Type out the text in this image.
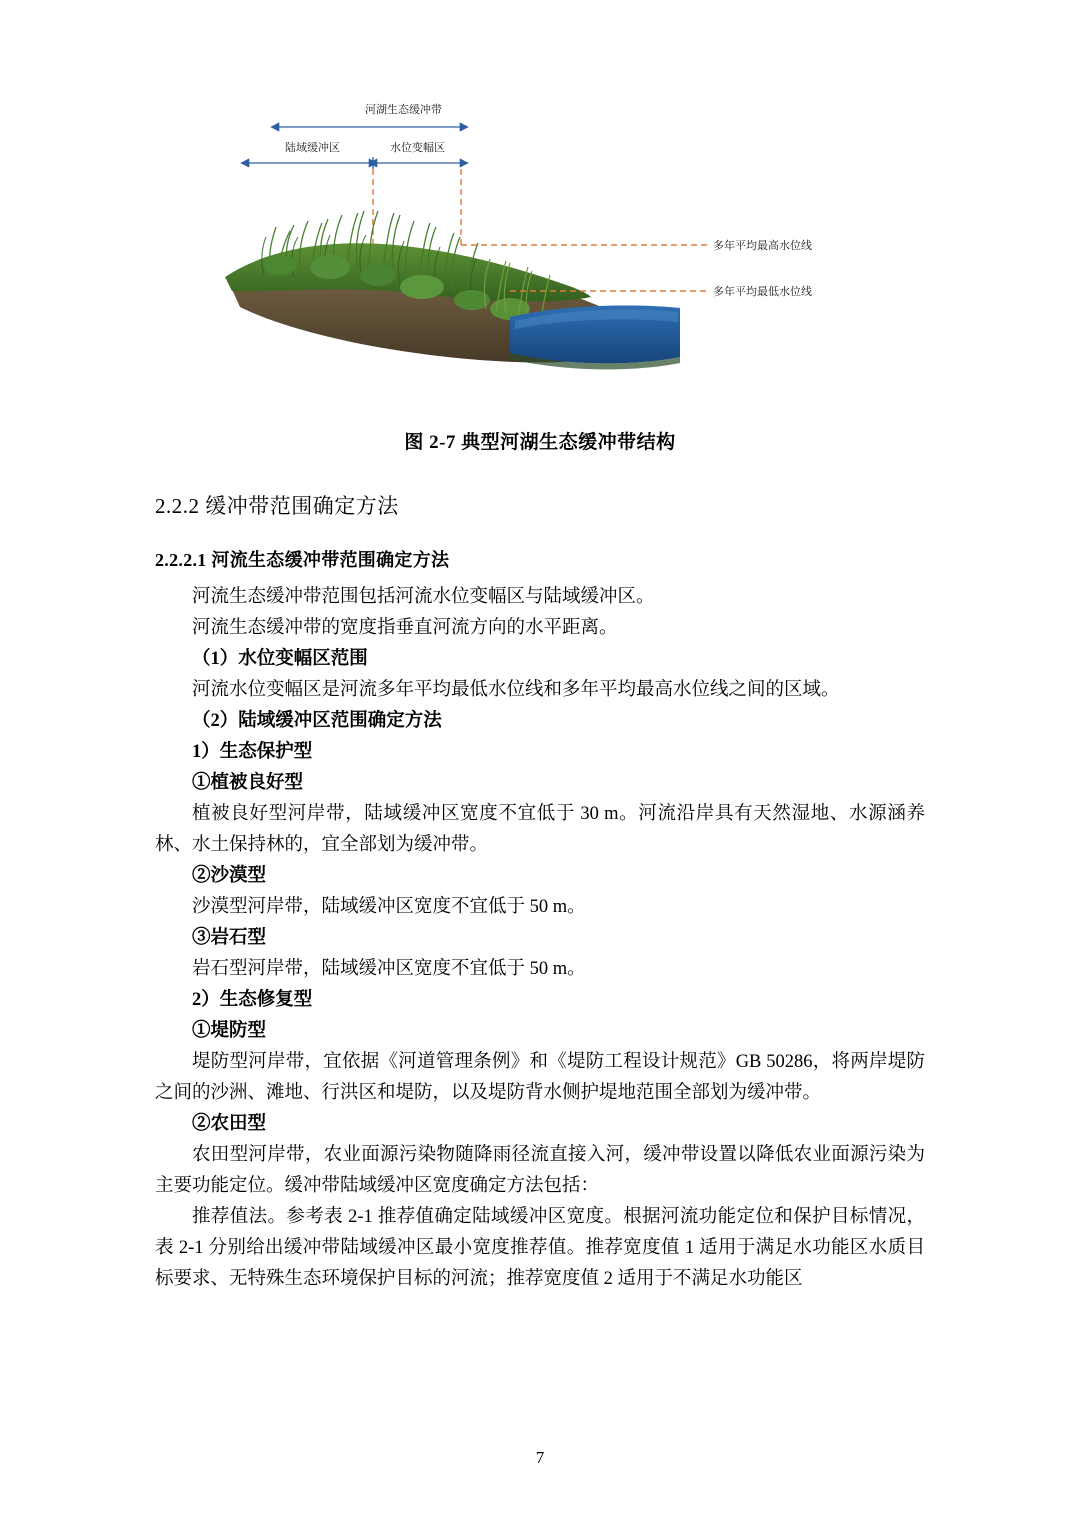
河湖生态缓冲带
陆域缓冲区	水位变幅区
多年平均最高水位线
多年平均最低水位线
图 2-7 典型河湖生态缓冲带结构
2.2.2 缓冲带范围确定方法
2.2.2.1 河流生态缓冲带范围确定方法

河流生态缓冲带范围包括河流水位变幅区与陆域缓冲区。

河流生态缓冲带的宽度指垂直河流方向的水平距离。

（1）水位变幅区范围

河流水位变幅区是河流多年平均最低水位线和多年平均最高水位线之间的区域。

（2）陆域缓冲区范围确定方法

1）生态保护型

①植被良好型

植被良好型河岸带，陆域缓冲区宽度不宜低于 30 m。河流沿岸具有天然湿地、水源涵养林、水土保持林的，宜全部划为缓冲带。

②沙漠型

沙漠型河岸带，陆域缓冲区宽度不宜低于 50 m。

③岩石型

岩石型河岸带，陆域缓冲区宽度不宜低于 50 m。

2）生态修复型

①堤防型

堤防型河岸带，宜依据《河道管理条例》和《堤防工程设计规范》GB 50286，将两岸堤防之间的沙洲、滩地、行洪区和堤防，以及堤防背水侧护堤地范围全部划为缓冲带。

②农田型

农田型河岸带，农业面源污染物随降雨径流直接入河，缓冲带设置以降低农业面源污染为主要功能定位。缓冲带陆域缓冲区宽度确定方法包括：

推荐值法。参考表 2-1 推荐值确定陆域缓冲区宽度。根据河流功能定位和保护目标情况，表 2-1 分别给出缓冲带陆域缓冲区最小宽度推荐值。推荐宽度值 1 适用于满足水功能区水质目标要求、无特殊生态环境保护目标的河流；推荐宽度值 2 适用于不满足水功能区

7
